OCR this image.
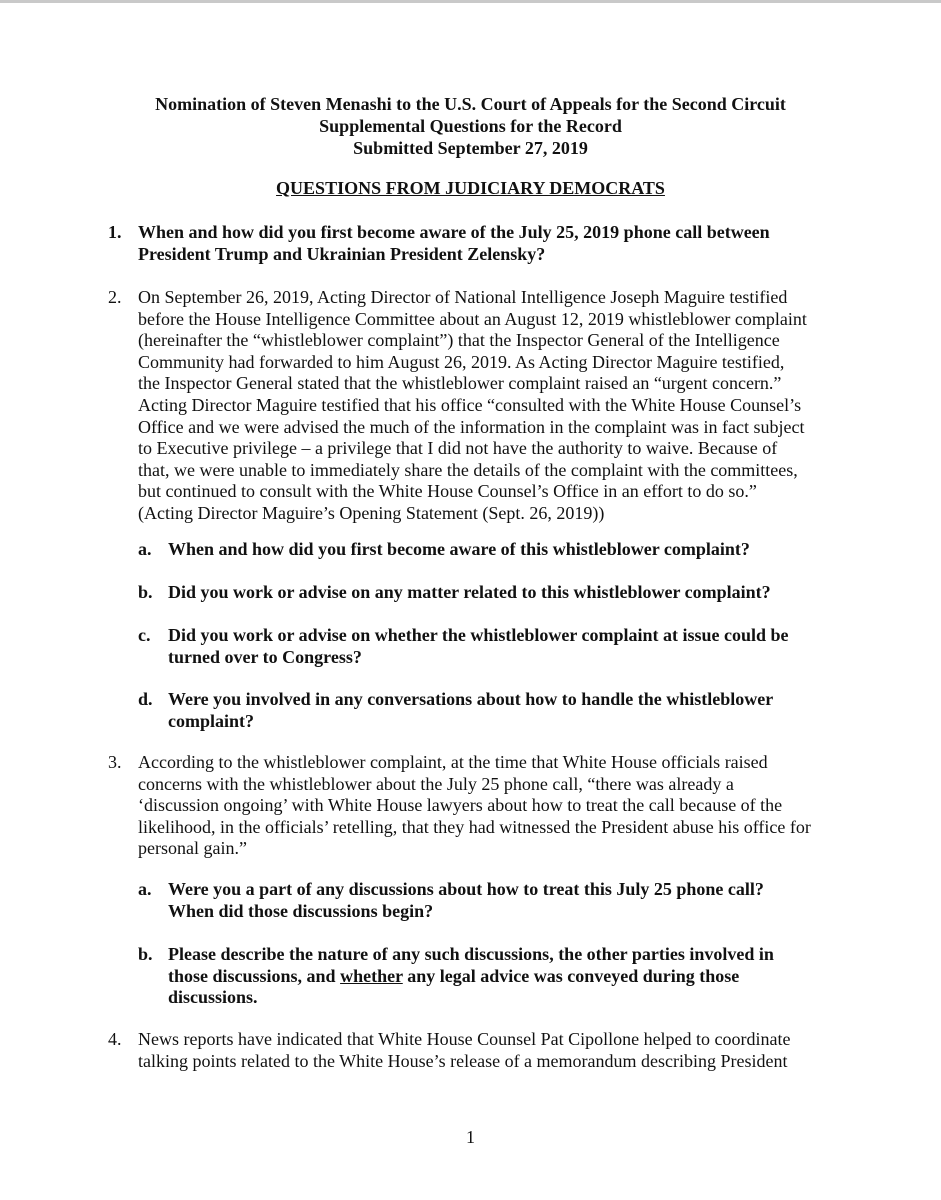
Nomination of Steven Menashi to the U.S. Court of Appeals for the Second Circuit
Supplemental Questions for the Record
Submitted September 27, 2019
QUESTIONS FROM JUDICIARY DEMOCRATS
1. When and how did you first become aware of the July 25, 2019 phone call between
President Trump and Ukrainian President Zelensky?
2. On September 26, 2019, Acting Director of National Intelligence Joseph Maguire testified
before the House Intelligence Committee about an August 12, 2019 whistleblower complaint
(hereinafter the “whistleblower complaint”) that the Inspector General of the Intelligence
Community had forwarded to him August 26, 2019. As Acting Director Maguire testified,
the Inspector General stated that the whistleblower complaint raised an “urgent concern.”
Acting Director Maguire testified that his office “consulted with the White House Counsel’s
Office and we were advised the much of the information in the complaint was in fact subject
to Executive privilege – a privilege that I did not have the authority to waive. Because of
that, we were unable to immediately share the details of the complaint with the committees,
but continued to consult with the White House Counsel’s Office in an effort to do so.”
(Acting Director Maguire’s Opening Statement (Sept. 26, 2019))
a. When and how did you first become aware of this whistleblower complaint?
b. Did you work or advise on any matter related to this whistleblower complaint?
c. Did you work or advise on whether the whistleblower complaint at issue could be
turned over to Congress?
d. Were you involved in any conversations about how to handle the whistleblower
complaint?
3. According to the whistleblower complaint, at the time that White House officials raised
concerns with the whistleblower about the July 25 phone call, “there was already a
‘discussion ongoing’ with White House lawyers about how to treat the call because of the
likelihood, in the officials’ retelling, that they had witnessed the President abuse his office for
personal gain.”
a. Were you a part of any discussions about how to treat this July 25 phone call?
When did those discussions begin?
b. Please describe the nature of any such discussions, the other parties involved in
those discussions, and whether any legal advice was conveyed during those
discussions.
4. News reports have indicated that White House Counsel Pat Cipollone helped to coordinate
talking points related to the White House’s release of a memorandum describing President
1
